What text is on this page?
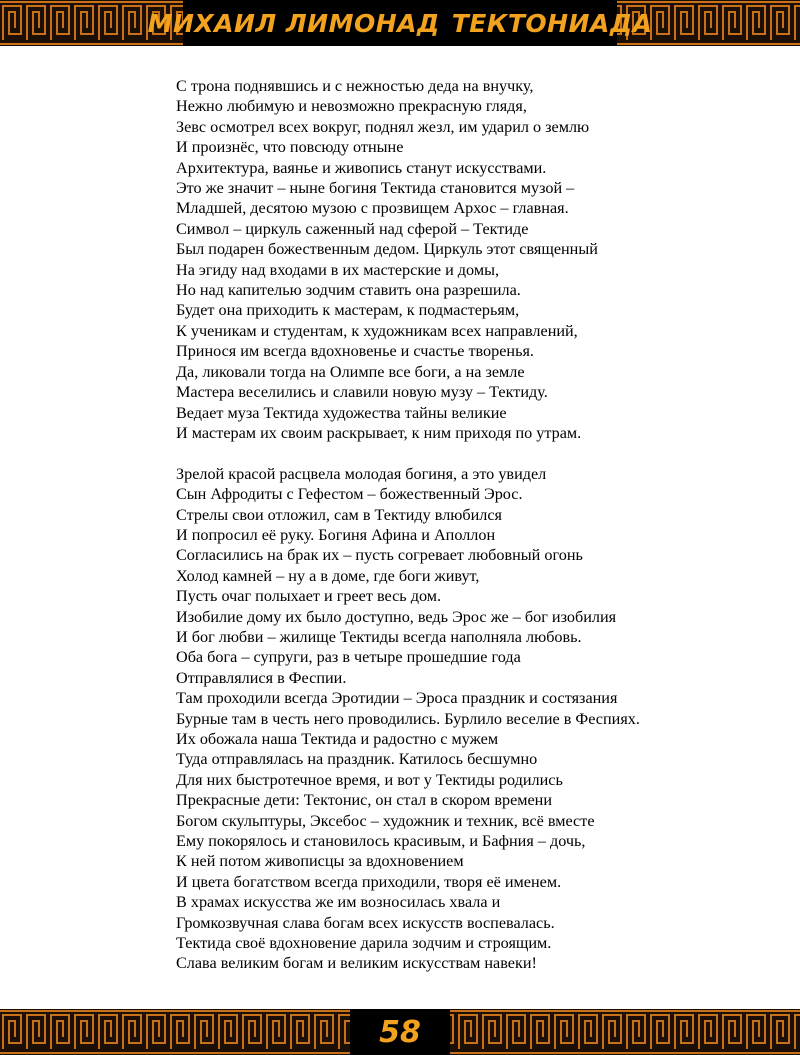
МИХАИЛ ЛИМОНАД ТЕКТОНИАДА
С трона поднявшись и с нежностью деда на внучку,
Нежно любимую и невозможно прекрасную глядя,
Зевс осмотрел всех вокруг, поднял жезл, им ударил о землю
И произнёс, что повсюду отныне
Архитектура, ваянье и живопись станут искусствами.
Это же значит – ныне богиня Тектида становится музой –
Младшей, десятою музою с прозвищем Архос – главная.
Символ – циркуль саженный над сферой – Тектиде
Был подарен божественным дедом. Циркуль этот священный
На эгиду над входами в их мастерские и домы,
Но над капителью зодчим ставить она разрешила.
Будет она приходить к мастерам, к подмастерьям,
К ученикам и студентам, к художникам всех направлений,
Принося им всегда вдохновенье и счастье творенья.
Да, ликовали тогда на Олимпе все боги, а на земле
Мастера веселились и славили новую музу – Тектиду.
Ведает муза Тектида художества тайны великие
И мастерам их своим раскрывает, к ним приходя по утрам.
Зрелой красой расцвела молодая богиня, а это увидел
Сын Афродиты с Гефестом – божественный Эрос.
Стрелы свои отложил, сам в Тектиду влюбился
И попросил её руку. Богиня Афина и Аполлон
Согласились на брак их – пусть согревает любовный огонь
Холод камней – ну а в доме, где боги живут,
Пусть очаг полыхает и греет весь дом.
Изобилие дому их было доступно, ведь Эрос же – бог изобилия
И бог любви – жилище Тектиды всегда наполняла любовь.
Оба бога – супруги, раз в четыре прошедшие года
Отправлялися в Феспии.
Там проходили всегда Эротидии – Эроса праздник и состязания
Бурные там в честь него проводились. Бурлило веселие в Феспиях.
Их обожала наша Тектида и радостно с мужем
Туда отправлялась на праздник. Катилось бесшумно
Для них быстротечное время, и вот у Тектиды родились
Прекрасные дети: Тектонис, он стал в скором времени
Богом скульптуры, Эксебос – художник и техник, всё вместе
Ему покорялось и становилось красивым, и Бафния – дочь,
К ней потом живописцы за вдохновением
И цвета богатством всегда приходили, творя её именем.
В храмах искусства же им возносилась хвала и
Громкозвучная слава богам всех искусств воспевалась.
Тектида своё вдохновение дарила зодчим и строящим.
Слава великим богам и великим искусствам навеки!
58
